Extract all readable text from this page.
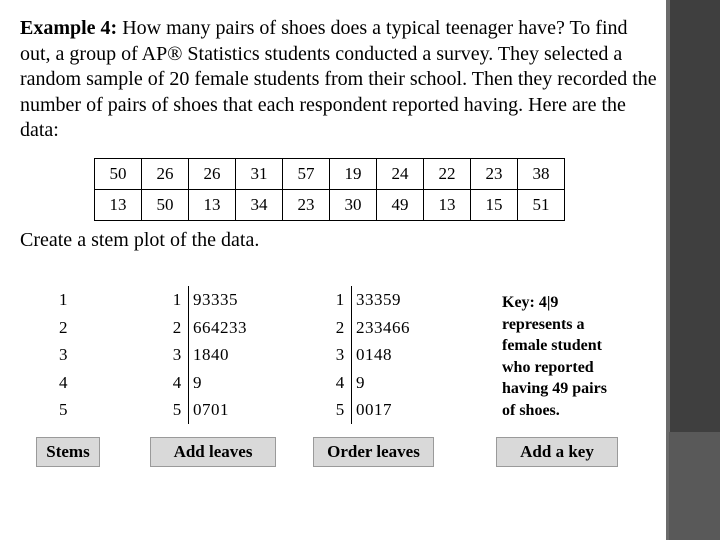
Example 4: How many pairs of shoes does a typical teenager have? To find out, a group of AP® Statistics students conducted a survey. They selected a random sample of 20 female students from their school. Then they recorded the number of pairs of shoes that each respondent reported having. Here are the data:
50	26	26	31	57	19	24	22	23	38
13	50	13	34	23	30	49	13	15	51
Create a stem plot of the data.
1
2
3
4
5
1 93335
2 664233
3 1840
4 9
5 0701
1 33359
2 233466
3 0148
4 9
5 0017
Key: 4|9 represents a female student who reported having 49 pairs of shoes.
Stems	Add leaves	Order leaves	Add a key
